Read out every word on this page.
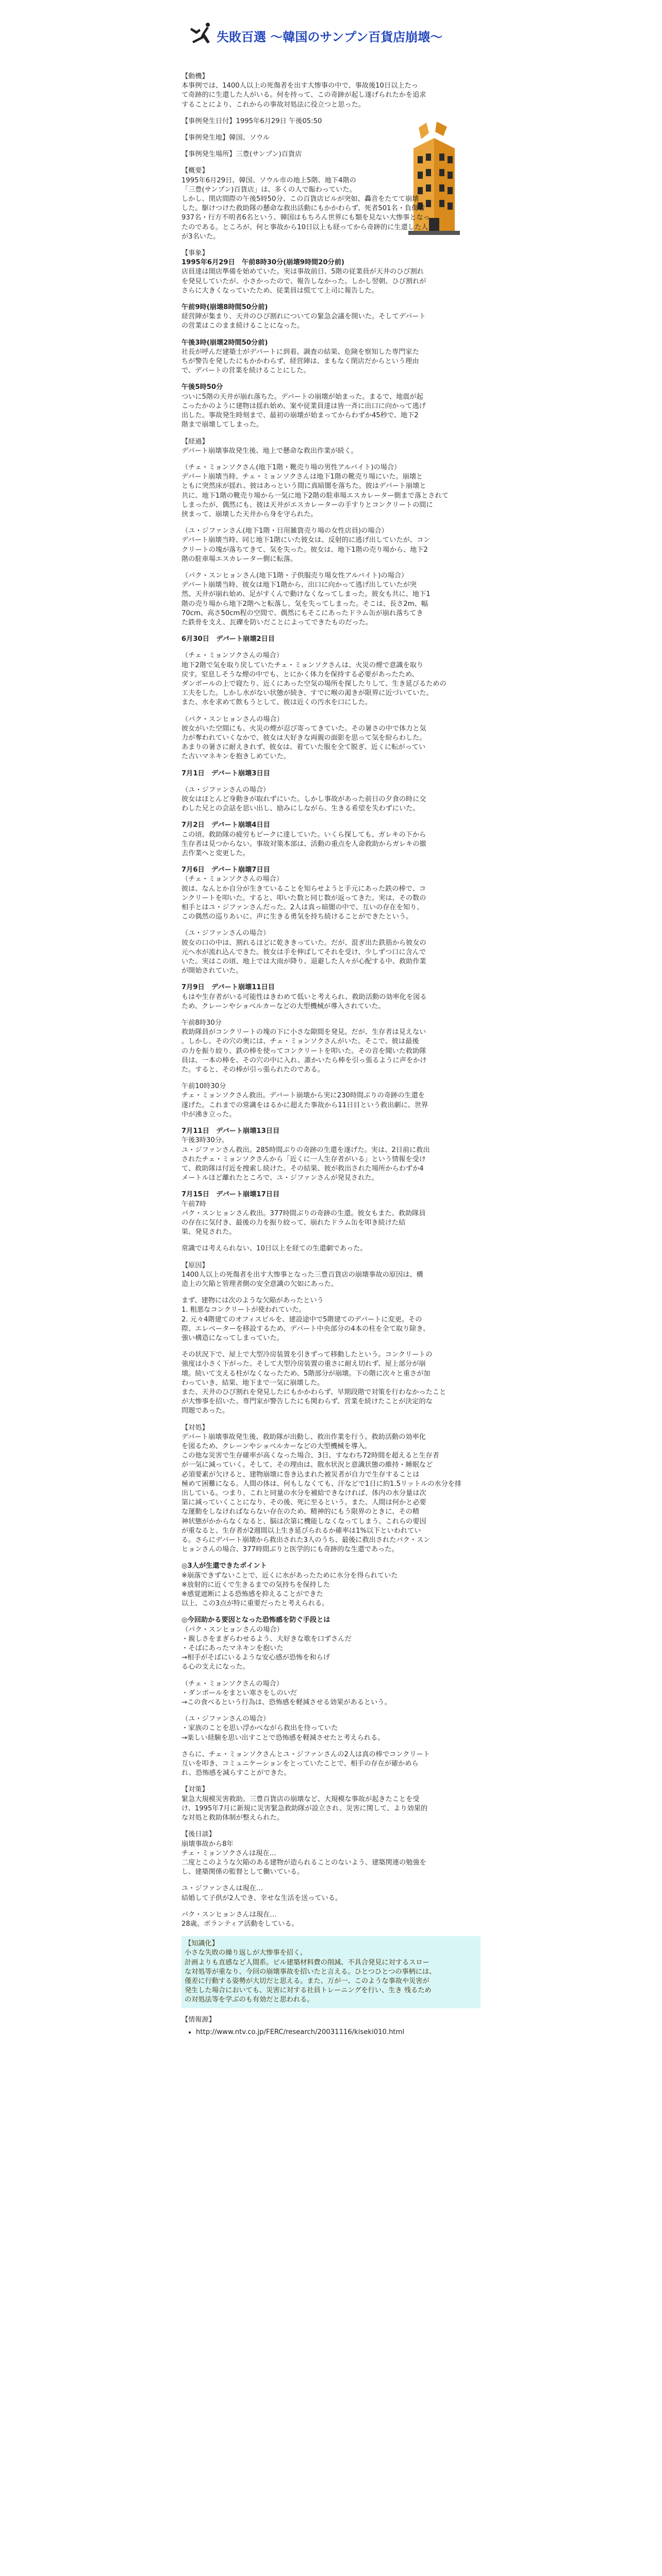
失敗百選 〜韓国のサンプン百貨店崩壊〜

【動機】
本事例では、1400人以上の死傷者を出す大惨事の中で、事故後10日以上たっ
て奇跡的に生還した人がいる。何を持って、この奇跡が起し遂げられたかを追求
することにより、これからの事故対処法に役立つと思った。

【事例発生日付】1995年6月29日 午後05:50

【事例発生地】韓国、ソウル

【事例発生場所】三豊(サンプン)百貨店

【概要】
1995年6月29日、韓国、ソウル市の地上5階、地下4階の
「三豊(サンプン)百貨店」は、多くの人で賑わっていた。
しかし、閉店間際の午後5時50分、この百貨店ビルが突如、轟音をたてて崩壊
した。駆けつけた救助隊の懸命な救出活動にもかかわらず、死者501名・負傷者
937名・行方不明者6名という、韓国はもちろん世界にも類を見ない大惨事となっ
たのである。ところが、何と事故から10日以上も経ってから奇跡的に生還した人
が3名いた。

【事象】
1995年6月29日　午前8時30分(崩壊9時間20分前)
店員達は開店準備を始めていた。実は事故前日、5階の従業員が天井のひび割れ
を発見していたが、小さかったので、報告しなかった。しかし翌朝、ひび割れが
さらに大きくなっていたため、従業員は慌てて上司に報告した。

午前9時(崩壊8時間50分前)
経営陣が集まり、天井のひび割れについての緊急会議を開いた。そしてデパート
の営業はこのまま続けることになった。

午後3時(崩壊2時間50分前)
社長が呼んだ建築士がデパートに到着。調査の結果、危険を察知した専門家た
ちが警告を発したにもかかわらず、経営陣は、まもなく閉店だからという理由
で、デパートの営業を続けることにした。

午後5時50分
ついに5階の天井が崩れ落ちた。デパートの崩壊が始まった。まるで、地震が起
こったかのように建物は揺れ始め、案や従業員達は皆一斉に出口に向かって逃げ
出した。事故発生時刻まで、最初の崩壊が始まってからわずか45秒で、地下2
階まで崩壊してしまった。

【経過】
デパート崩壊事故発生後、地上で懸命な救出作業が続く。

（チェ・ミョンソクさん(地下1階・靴売り場の男性アルバイト)の場合）
デパート崩壊当時、チェ・ミョンソクさんは地下1階の靴売り場にいた。崩壊と
ともに突然床が揺れ、彼はあっという間に真暗闇を落ちた。彼はデパート崩壊と
共に、地下1階の靴売り場から一気に地下2階の駐車場エスカレーター側まで落とされて
しまったが、偶然にも、彼は天井がエスカレーターの手すりとコンクリートの間に
挟まって、崩壊した天井から身を守られた。

（ユ・ジファンさん(地下1階・日用雑貨売り場の女性店員)の場合）
デパート崩壊当時、同じ地下1階にいた彼女は、反射的に逃げ出していたが、コン
クリートの塊が落ちてきて、気を失った。彼女は、地下1階の売り場から、地下2
階の駐車場エスカレーター側に転落。

（パク・スンヒョンさん(地下1階・子供服売り場女性アルバイト)の場合）
デパート崩壊当時、彼女は地下1階から、出口に向かって逃げ出していたが突
然、天井が崩れ始め、足がすくんで動けなくなってしまった。彼女も共に、地下1
階の売り場から地下2階へと転落し、気を失ってしまった。そこは、長さ2m、幅
70cm、高さ50cm程の空間で、偶然にもそこにあったドラム缶が崩れ落ちてき
た鉄骨を支え、瓦礫を防いだことによってできたものだった。

6月30日　デパート崩壊2日目

（チェ・ミョンソクさんの場合）
地下2階で気を取り戻していたチェ・ミョンソクさんは、火災の煙で意識を取り
戻す。窒息しそうな煙の中でも、とにかく体力を保持する必要があったため、
ダンボールの上で寝たり、近くにあった空気の場所を探したりして、生き延びるための
工夫をした。しかし水がない状態が続き、すでに喉の渇きが限界に近づいていた。
また、水を求めて飲もうとして、彼は近くの汚水を口にした。

（パク・スンヒョンさんの場合）
彼女がいた空間にも、火災の煙が忍び寄ってきていた。その暑さの中で体力と気
力が奪われていくなかで、彼女は大好きな両親の面影を思って気を紛らわした。
あまりの暑さに耐えきれず、彼女は、着ていた服を全て脱ぎ、近くに転がってい
た古いマネキンを抱きしめていた。

7月1日　デパート崩壊3日目

（ユ・ジファンさんの場合）
彼女はほとんど身動きが取れずにいた。しかし事故があった前日の夕食の時に交
わした兄との会話を思い出し、励みにしながら、生きる希望を失わずにいた。

7月2日　デパート崩壊4日目
この頃、救助隊の疲労もピークに達していた。いくら探しても、ガレキの下から
生存者は見つからない。事故対策本部は、活動の重点を人命救助からガレキの撤
去作業へと変更した。

7月6日　デパート崩壊7日目
（チェ・ミョンソクさんの場合）
彼は、なんとか自分が生きていることを知らせようと手元にあった鉄の棒で、コ
ンクリートを叩いた。すると、叩いた数と同じ数が返ってきた。実は、その数の
相手とはユ・ジファンさんだった。2人は真っ暗闇の中で、互いの存在を知り、
この偶然の巡りあいに、声に生きる勇気を持ち続けることができたという。

（ユ・ジファンさんの場合）
彼女の口の中は、割れるほどに乾ききっていた。だが、混ぎ出た鉄筋から彼女の
元へ水が流れ込んできた。彼女は手を伸ばしてそれを受け、少しずつ口に含んで
いた。実はこの頃、地上では大雨が降り、退避した人々が心配する中、救助作業
が開始されていた。

7月9日　デパート崩壊11日目
もはや生存者がいる可能性はきわめて低いと考えられ、救助活動の効率化を図る
ため、クレーンやショベルカーなどの大型機械が導入されていた。

午前8時30分
救助隊員がコンクリートの塊の下に小さな隙間を発見。だが、生存者は見えない
。しかし、その穴の奥には、チェ・ミョンソクさんがいた。そこで、彼は最後
の力を振り絞り、鉄の棒を使ってコンクリートを叩いた。その音を聞いた救助隊
員は、一本の棒を、その穴の中に入れ、誰かいたら棒を引っ張るように声をかけ
た。すると、その棒が引っ張られたのである。

午前10時30分
チェ・ミョンソクさん救出。デパート崩壊から実に230時間ぶりの奇跡の生還を
遂げた。これまでの常識をはるかに超えた事故から11日目という救出劇に、世界
中が沸き立った。

7月11日　デパート崩壊13日目
午後3時30分。
ユ・ジファンさん救出。285時間ぶりの奇跡の生還を遂げた。実は、2日前に救出
されたチェ・ミョンソクさんから「近くに一人生存者がいる」という情報を受け
て、救助隊は付近を捜索し続けた。その結果、彼が救出された場所からわずか4
メートルほど離れたところで、ユ・ジファンさんが発見された。

7月15日　デパート崩壊17日目
午前7時
パク・スンヒョンさん救出。377時間ぶりの奇跡の生還。彼女もまた、救助隊員
の存在に気付き、最後の力を振り絞って、崩れたドラム缶を叩き続けた結
果、発見された。

常識では考えられない、10日以上を経ての生還劇であった。

【原因】
1400人以上の死傷者を出す大惨事となった三豊百貨店の崩壊事故の原因は、構
造上の欠陥と管理者側の安全意識の欠如にあった。

まず、建物には次のような欠陥があったという
1. 粗悪なコンクリートが使われていた。
2. 元々4階建てのオフィスビルを、建設途中で5階建てのデパートに変更。その
際、エレベーターを移設するため、デパート中央部分の4本の柱を全て取り除き、
強い構造になってしまっていた。

その状況下で、屋上で大型冷房装置を引きずって移動したという。コンクリートの
強度は小さく下がった。そして大型冷房装置の重さに耐え切れず、屋上部分が崩
壊。続いて支える柱がなくなったため、5階部分が崩壊。下の階に次々と重さが加
わっていき、結果、地下まで一気に崩壊した。
また、天井のひび割れを発見したにもかかわらず、早期段階で対策を行わなかったこと
が大惨事を招いた。専門家が警告したにも関わらず、営業を続けたことが決定的な
問題であった。

【対処】
デパート崩壊事故発生後、救助隊が出動し、救出作業を行う。救助活動の効率化
を図るため、クレーンやショベルカーなどの大型機械を導入。
この他な災害で生存確率が高くなった場合、3日、すなわち72時間を超えると生存者
が一気に減っていく。そして、その理由は、散水状況と意識状態の維持・睡眠など
必須要素が欠けると、建物崩壊に巻き込まれた被災者が自力で生存することは
極めて困難になる。人間の体は、何もしなくても、汗などで1日に約1.5リットルの水分を排
出している。つまり、これと同量の水分を補給できなければ、体内の水分量は次
第に減っていくことになり、その後、死に至るという。また、人間は何かと必要
な運動をしなければならない存在のため、精神的にもう限界のときに、その精
神状態がかからなくなると、脳は次第に機能しなくなってしまう。これらの要因
が重なると、生存者が2週間以上生き延びられるか確率は1%以下といわれてい
る。さらにデパート崩壊から救出された3人のうち、最後に救出されたパク・スン
ヒョンさんの場合、377時間ぶりと医学的にも奇跡的な生還であった。

◎3人が生還できたポイント
※崩落できずないことで、近くに水があったために水分を得られていた
※放射的に近くで生きるまでの気持ちを保持した
※感覚遮断による恐怖感を抑えることができた
以上、この3点が特に重要だったと考えられる。

◎今回助かる要因となった恐怖感を防ぐ手段とは
（パク・スンヒョンさんの場合）
・親しさをまぎらわせるよう、大好きな歌を口ずさんだ
・そばにあったマネキンを抱いた
→相手がそばにいるような安心感が恐怖を和らげ
る心の支えになった。

（チェ・ミョンソクさんの場合）
・ダンボールをまとい寒さをしのいだ
→この食べるという行為は、恐怖感を軽減させる効果があるという。

（ユ・ジファンさんの場合）
・家族のことを思い浮かべながら救出を待っていた
→楽しい経験を思い出すことで恐怖感を軽減させたと考えられる。

さらに、チェ・ミョンソクさんとユ・ジファンさんの2人は真の棒でコンクリート
互いを叩き、コミュニケーションをとっていたことで、相手の存在が確かめら
れ、恐怖感を減らすことができた。

【対策】
緊急大規模災害救助。三豊百貨店の崩壊など、大規模な事故が起きたことを受
け、1995年7月に新規に災害緊急救助隊が設立され、災害に関して、より効果的
な対処と救助体制が整えられた。

【後日談】
崩壊事故から8年
チェ・ミョンソクさんは現在…
二度とこのような欠陥のある建物が造られることのないよう、建築関連の勉強を
し、建築関係の監督として働いている。

ユ・ジファンさんは現在…
結婚して子供が2人でき、幸せな生活を送っている。

パク・スンヒョンさんは現在…
28歳。ボランティア活動をしている。

【知識化】
小さな失敗の繰り返しが大惨事を招く。
計画よりも直感など人間系。ビル建築材料費の削減、不具合発見に対するスロー
な対処等が重なり、今回の崩壊事故を招いたと言える。ひとつひとつの事柄には、
僅差に行動する姿勢が大切だと思える。また、万が一、このような事故や災害が
発生した場合においても、災害に対する社員トレーニングを行い、生き 残るため
の対処法等を学ぶのも有効だと思われる。
【情報源】
• http://www.ntv.co.jp/FERC/research/20031116/kiseki010.html
